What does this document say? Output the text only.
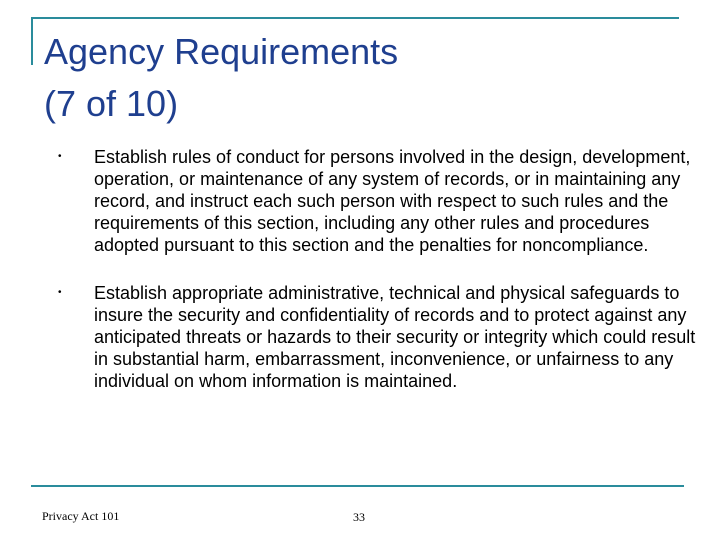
Agency Requirements
(7 of 10)
• Establish rules of conduct for persons involved in the design, development, operation, or maintenance of any system of records, or in maintaining any record, and instruct each such person with respect to such rules and the requirements of this section, including any other rules and procedures adopted pursuant to this section and the penalties for noncompliance.
• Establish appropriate administrative, technical and physical safeguards to insure the security and confidentiality of records and to protect against any anticipated threats or hazards to their security or integrity which could result in substantial harm, embarrassment, inconvenience, or unfairness to any individual on whom information is maintained.
Privacy Act 101	33
